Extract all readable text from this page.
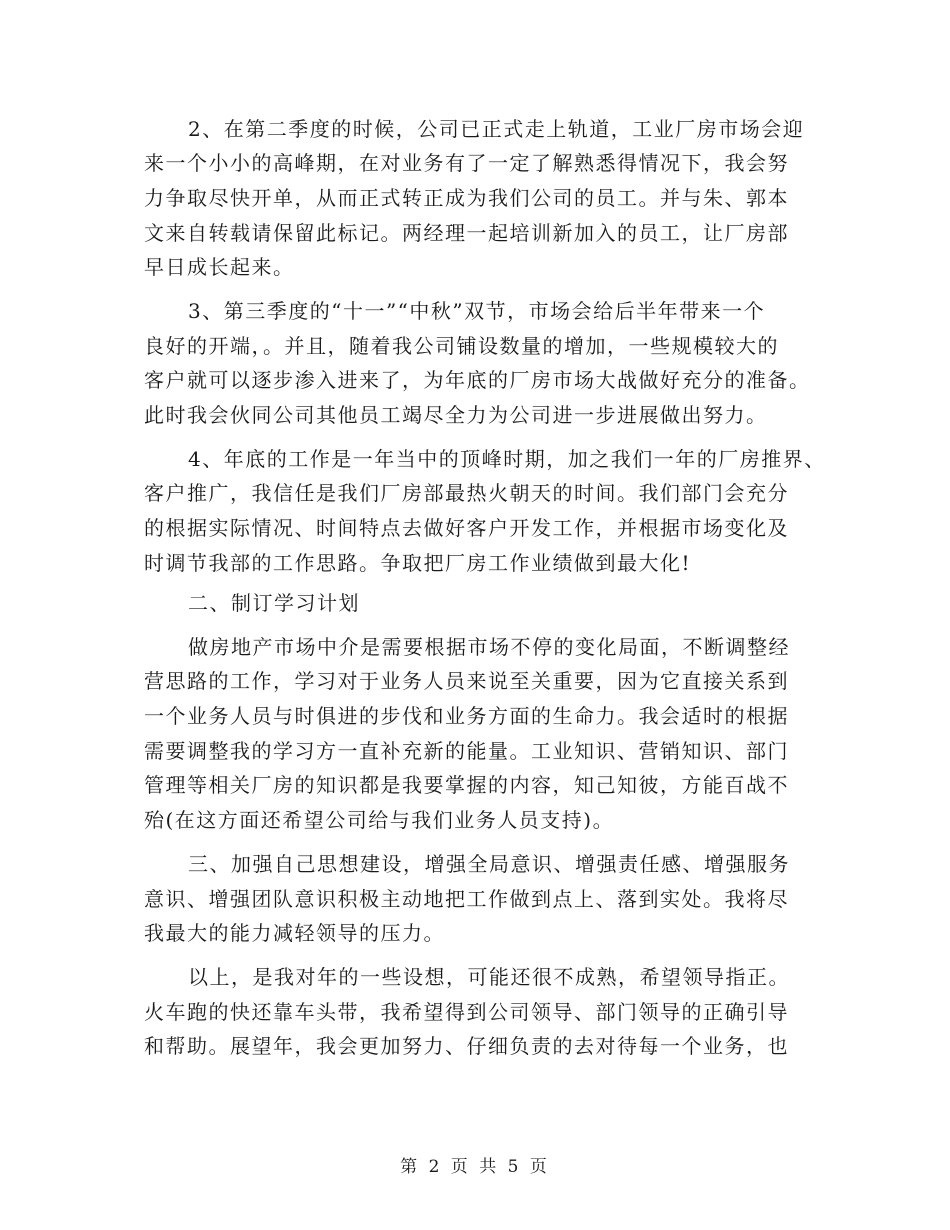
2、在第二季度的时候，公司已正式走上轨道，工业厂房市场会迎
来一个小小的高峰期，在对业务有了一定了解熟悉得情况下，我会努
力争取尽快开单，从而正式转正成为我们公司的员工。并与朱、郭本
文来自转载请保留此标记。两经理一起培训新加入的员工，让厂房部
早日成长起来。
3、第三季度的“十一”“中秋”双节，市场会给后半年带来一个
良好的开端，。并且，随着我公司铺设数量的增加，一些规模较大的
客户就可以逐步渗入进来了，为年底的厂房市场大战做好充分的准备。
此时我会伙同公司其他员工竭尽全力为公司进一步进展做出努力。
4、年底的工作是一年当中的顶峰时期，加之我们一年的厂房推界、
客户推广，我信任是我们厂房部最热火朝天的时间。我们部门会充分
的根据实际情况、时间特点去做好客户开发工作，并根据市场变化及
时调节我部的工作思路。争取把厂房工作业绩做到最大化!
二、制订学习计划
做房地产市场中介是需要根据市场不停的变化局面，不断调整经
营思路的工作，学习对于业务人员来说至关重要，因为它直接关系到
一个业务人员与时俱进的步伐和业务方面的生命力。我会适时的根据
需要调整我的学习方一直补充新的能量。工业知识、营销知识、部门
管理等相关厂房的知识都是我要掌握的内容，知己知彼，方能百战不
殆(在这方面还希望公司给与我们业务人员支持)。
三、加强自己思想建设，增强全局意识、增强责任感、增强服务
意识、增强团队意识积极主动地把工作做到点上、落到实处。我将尽
我最大的能力减轻领导的压力。
以上，是我对年的一些设想，可能还很不成熟，希望领导指正。
火车跑的快还靠车头带，我希望得到公司领导、部门领导的正确引导
和帮助。展望年，我会更加努力、仔细负责的去对待每一个业务，也
第 2 页 共 5 页
